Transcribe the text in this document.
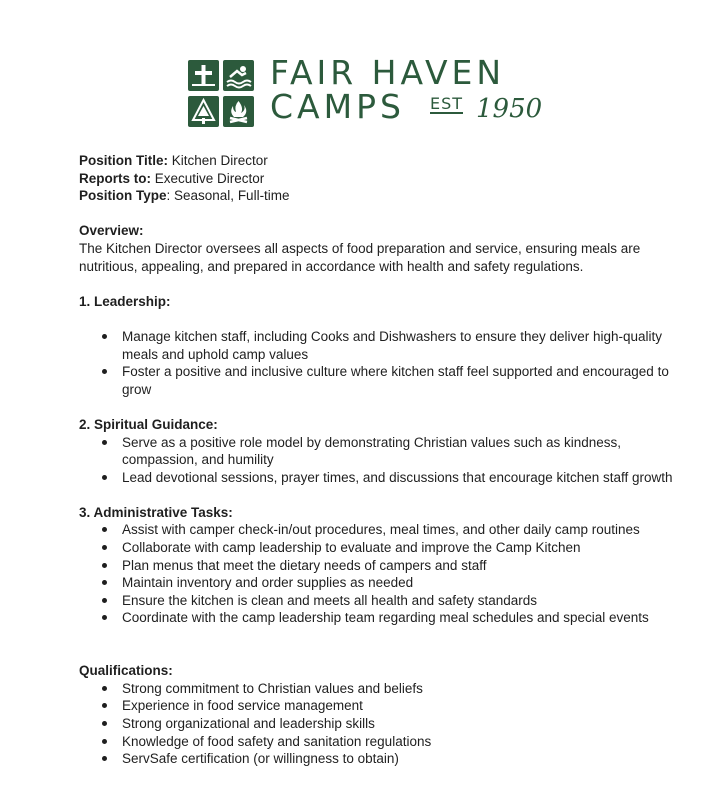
FAIR HAVEN
CAMPS EST 1950

Position Title: Kitchen Director

Reports to: Executive Director

Position Type: Seasonal, Full-time

Overview:

The Kitchen Director oversees all aspects of food preparation and service, ensuring meals are nutritious, appealing, and prepared in accordance with health and safety regulations.

1. Leadership:

Manage kitchen staff, including Cooks and Dishwashers to ensure they deliver high-quality meals and uphold camp values
Foster a positive and inclusive culture where kitchen staff feel supported and encouraged to grow

2. Spiritual Guidance:

Serve as a positive role model by demonstrating Christian values such as kindness, compassion, and humility
Lead devotional sessions, prayer times, and discussions that encourage kitchen staff growth

3. Administrative Tasks:

Assist with camper check-in/out procedures, meal times, and other daily camp routines
Collaborate with camp leadership to evaluate and improve the Camp Kitchen
Plan menus that meet the dietary needs of campers and staff
Maintain inventory and order supplies as needed
Ensure the kitchen is clean and meets all health and safety standards
Coordinate with the camp leadership team regarding meal schedules and special events

Qualifications:

Strong commitment to Christian values and beliefs
Experience in food service management
Strong organizational and leadership skills
Knowledge of food safety and sanitation regulations
ServSafe certification (or willingness to obtain)
